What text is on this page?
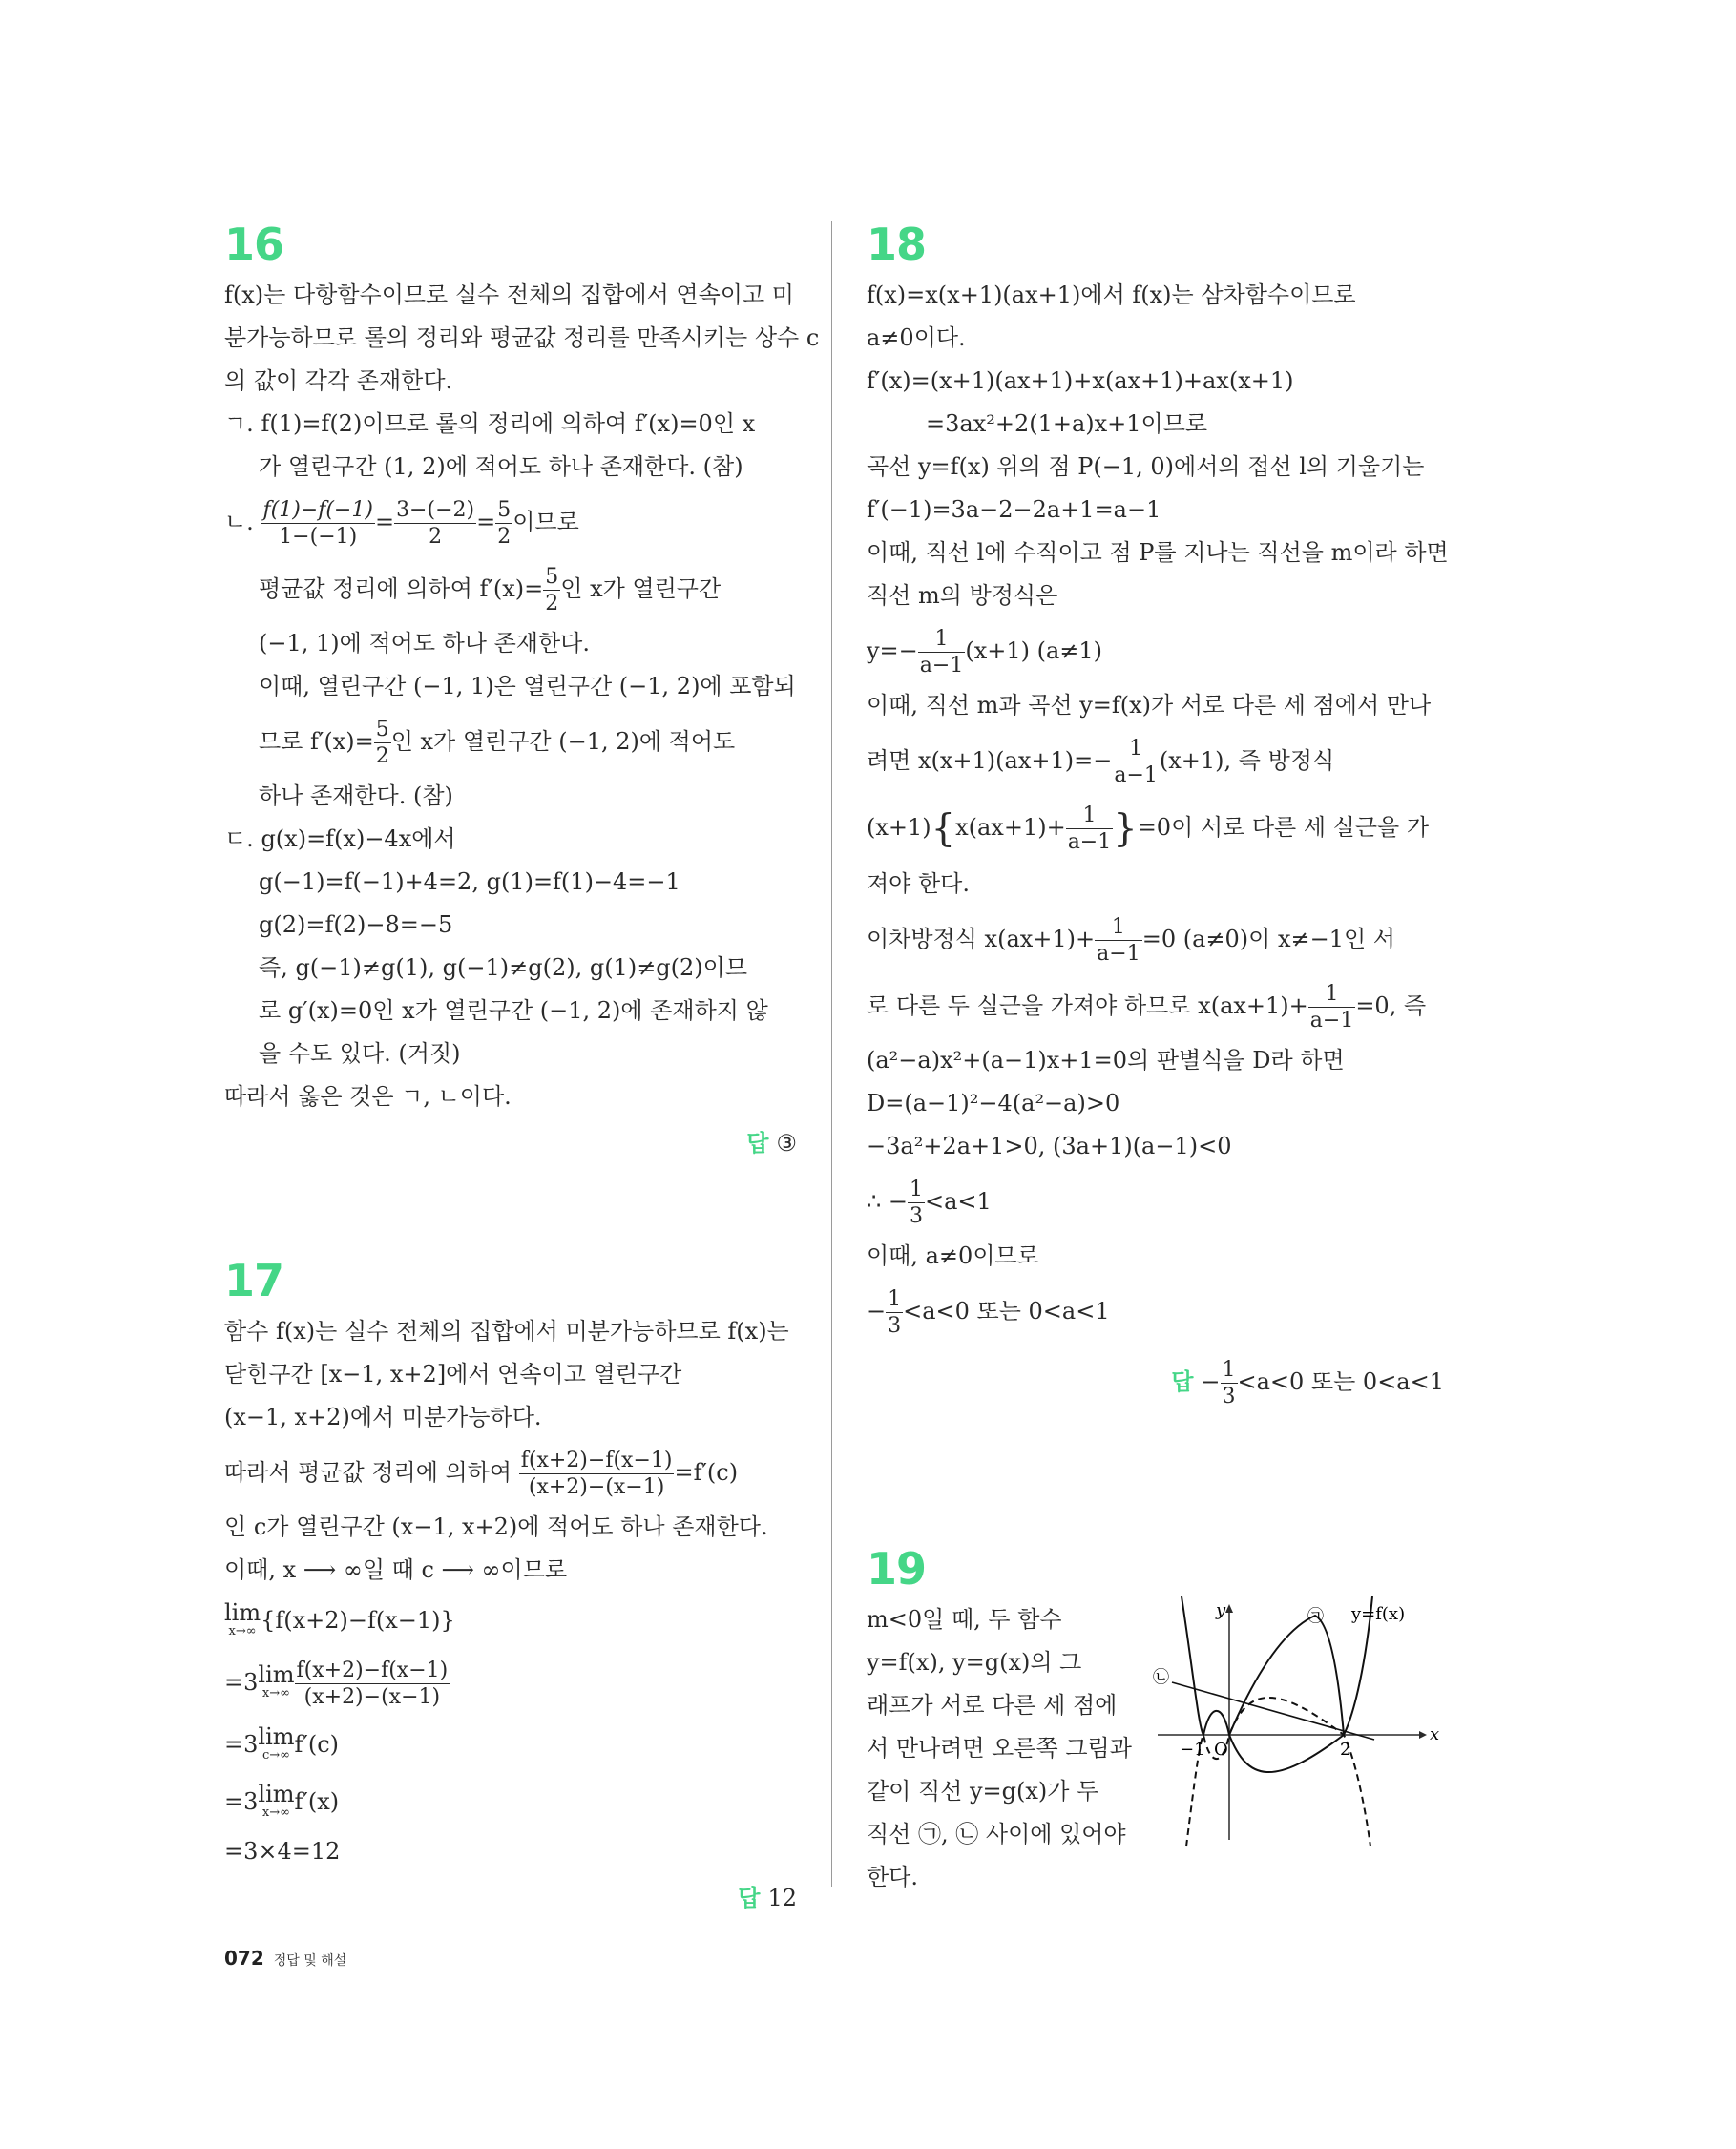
16
f(x)는 다항함수이므로 실수 전체의 집합에서 연속이고 미
분가능하므로 롤의 정리와 평균값 정리를 만족시키는 상수 c
의 값이 각각 존재한다.
ㄱ. f(1)=f(2)이므로 롤의 정리에 의하여 f′(x)=0인 x
가 열린구간 (1, 2)에 적어도 하나 존재한다. (참)
ㄴ. $\frac{f(1)-f(-1)}{1-(-1)} = \frac{3-(-2)}{2} = \frac{5}{2}$ 이므로
평균값 정리에 의하여 $f'(x)= \frac{5}{2}$ 인 x가 열린구간
(−1, 1)에 적어도 하나 존재한다.
이때, 열린구간 (−1, 1)은 열린구간 (−1, 2)에 포함되
므로 $f'(x)= \frac{5}{2}$ 인 x가 열린구간 (−1, 2)에 적어도
하나 존재한다. (참)
ㄷ. g(x)=f(x)−4x에서
g(−1)=f(−1)+4=2, g(1)=f(1)−4=−1
g(2)=f(2)−8=−5
즉, g(−1)≠g(1), g(−1)≠g(2), g(1)≠g(2)이므
로 g′(x)=0인 x가 열린구간 (−1, 2)에 존재하지 않
을 수도 있다. (거짓)
따라서 옳은 것은 ㄱ, ㄴ이다.
답 ③
17
함수 f(x)는 실수 전체의 집합에서 미분가능하므로 f(x)는
닫힌구간 [x−1, x+2]에서 연속이고 열린구간
(x−1, x+2)에서 미분가능하다.
따라서 평균값 정리에 의하여 $\frac{f(x+2)-f(x-1)}{(x+2)-(x-1)} =f'(c)$
인 c가 열린구간 (x−1, x+2)에 적어도 하나 존재한다.
이때, x ⟶ ∞일 때 c ⟶ ∞이므로
lim
x→∞ {f(x+2)−f(x−1)}
=3 lim
$x\to\infty \frac{f(x+2)-f(x-1)}{(x+2)-(x-1)}$
=3 lim
c→∞ f′(c)
=3 lim
x→∞ f′(x)
=3×4=12
답 12
18
f(x)=x(x+1)(ax+1)에서 f(x)는 삼차함수이므로
a≠0이다.
f′(x)=(x+1)(ax+1)+x(ax+1)+ax(x+1)
=3ax²+2(1+a)x+1이므로
곡선 y=f(x) 위의 점 P(−1, 0)에서의 접선 l의 기울기는
f′(−1)=3a−2−2a+1=a−1
이때, 직선 l에 수직이고 점 P를 지나는 직선을 m이라 하면
직선 m의 방정식은
$y=- \frac{1}{a-1} (x+1)$ (a≠1)
이때, 직선 m과 곡선 y=f(x)가 서로 다른 세 점에서 만나
려면 $x(x+1)(ax+1)=- \frac{1}{a-1} (x+1)$, 즉 방정식
$(x+1)\{x(ax+1)+ \frac{1}{a-1} \}=0$이 서로 다른 세 실근을 가
져야 한다.
이차방정식 $x(ax+1)+ \frac{1}{a-1} =0$ (a≠0)이 x≠−1인 서
로 다른 두 실근을 가져야 하므로 $x(ax+1)+ \frac{1}{a-1} =0$, 즉
(a²−a)x²+(a−1)x+1=0의 판별식을 D라 하면
D=(a−1)²−4(a²−a)>0
−3a²+2a+1>0, (3a+1)(a−1)<0
∴ − $\frac{1}{3} <a<1$
이때, a≠0이므로
− $\frac{1}{3} <a<0$ 또는 0<a<1
답 − $\frac{1}{3} <a<0$ 또는 0<a<1
19
m<0일 때, 두 함수
y=f(x), y=g(x)의 그
래프가 서로 다른 세 점에
서 만나려면 오른쪽 그림과
같이 직선 y=g(x)가 두
직선 ㉠, ㉡ 사이에 있어야
한다.
y
x
y=f(x)
㉠
㉡
O
−1	2
072 정답 및 해설
